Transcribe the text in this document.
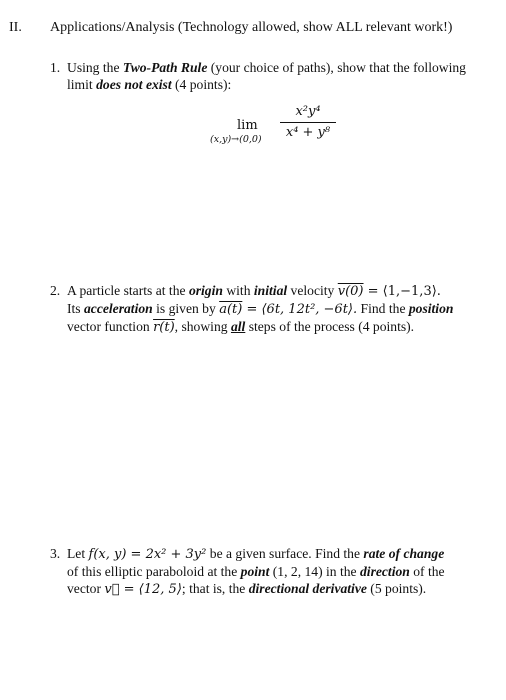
II. Applications/Analysis (Technology allowed, show ALL relevant work!)
1. Using the Two-Path Rule (your choice of paths), show that the following limit does not exist (4 points):
lim
(x,y)→(0,0)
x²y⁴
x⁴ + y⁸
2. A particle starts at the origin with initial velocity v(0) = ⟨1,−1,3⟩.
Its acceleration is given by a(t) = ⟨6t, 12t², −6t⟩. Find the position
vector function r(t), showing all steps of the process (4 points).
3. Let f(x, y) = 2x² + 3y² be a given surface. Find the rate of change
of this elliptic paraboloid at the point (1, 2, 14) in the direction of the
vector v⃗ = ⟨12, 5⟩; that is, the directional derivative (5 points).
